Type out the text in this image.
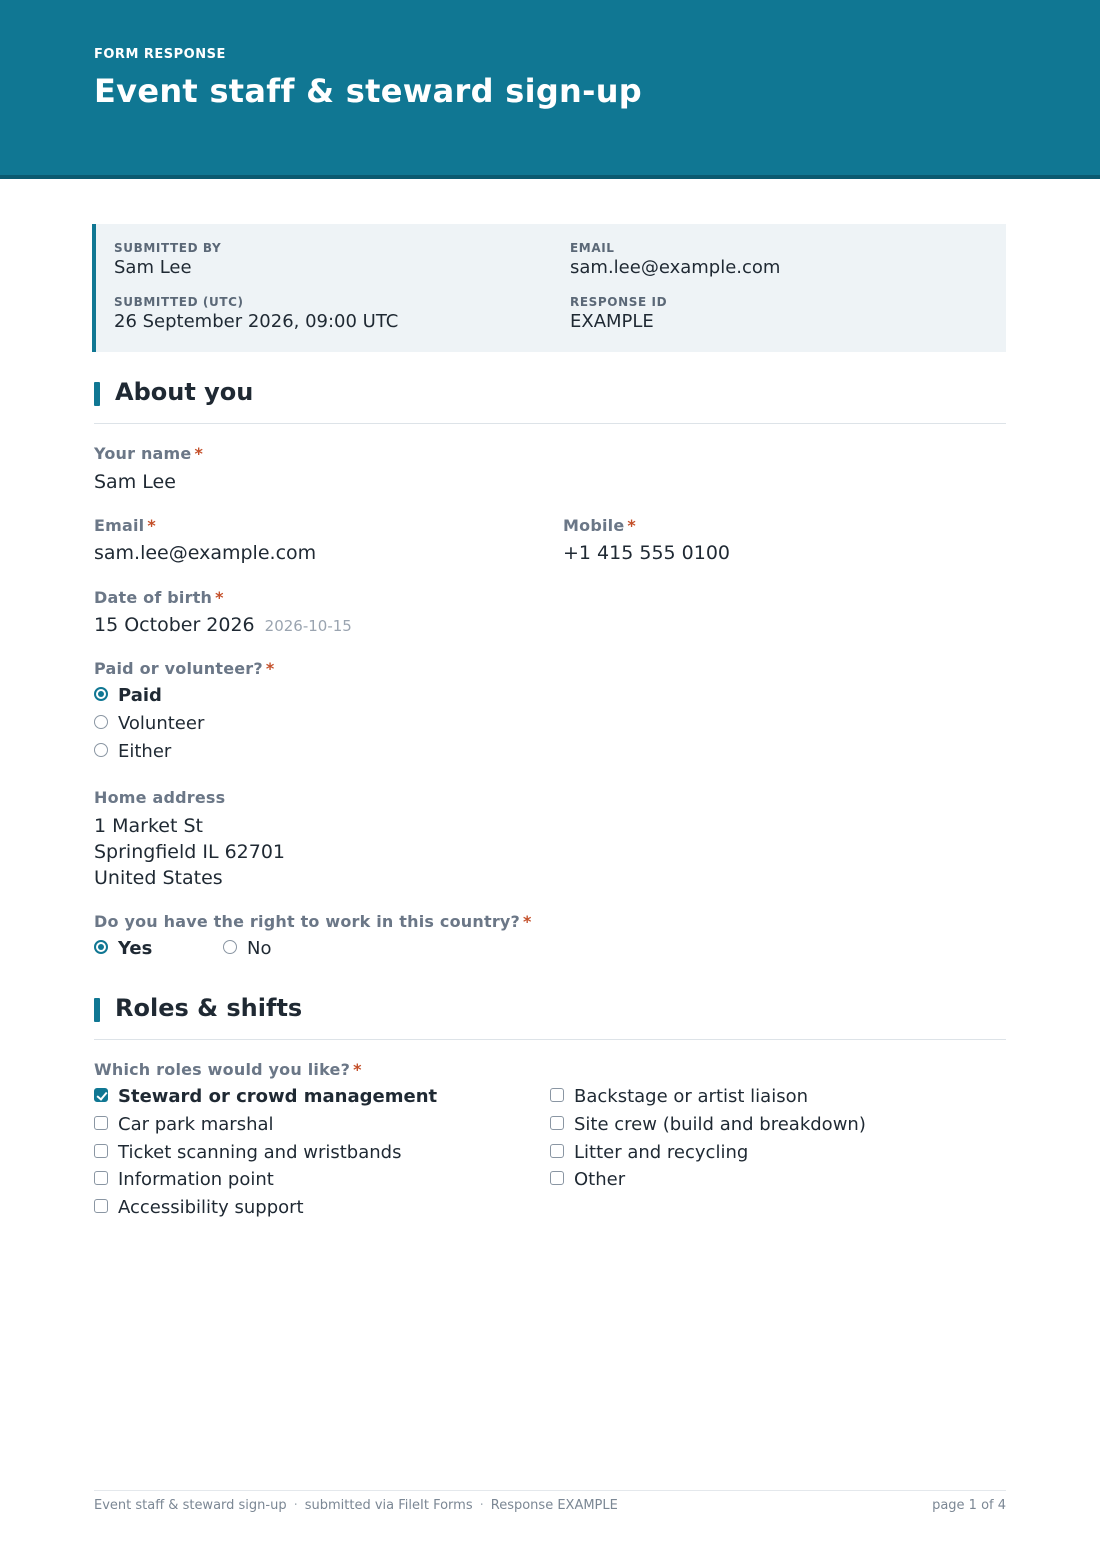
FORM RESPONSE
Event staff & steward sign-up
SUBMITTED BY
Sam Lee
EMAIL
sam.lee@example.com
SUBMITTED (UTC)
26 September 2026, 09:00 UTC
RESPONSE ID
EXAMPLE
About you
Your name *
Sam Lee
Email *
sam.lee@example.com
Mobile *
+1 415 555 0100
Date of birth *
15 October 2026 2026-10-15
Paid or volunteer? *
Paid
Volunteer
Either
Home address
1 Market St
Springfield IL 62701
United States
Do you have the right to work in this country? *
Yes	No
Roles & shifts
Which roles would you like? *
Steward or crowd management
Car park marshal
Ticket scanning and wristbands
Information point
Accessibility support
Backstage or artist liaison
Site crew (build and breakdown)
Litter and recycling
Other
Event staff & steward sign-up · submitted via FileIt Forms · Response EXAMPLE	page 1 of 4
